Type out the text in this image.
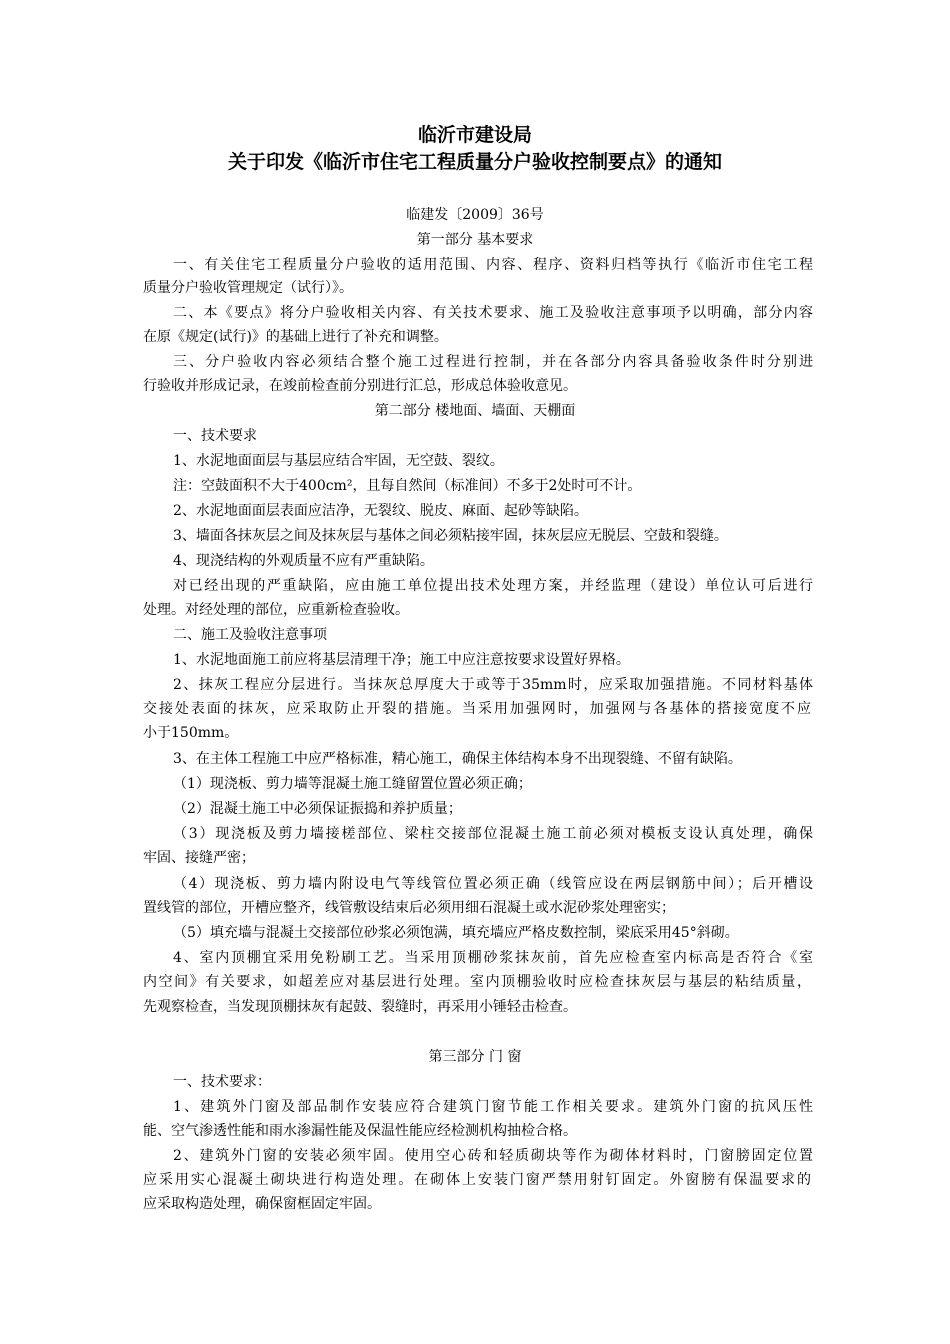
临沂市建设局
关于印发《临沂市住宅工程质量分户验收控制要点》的通知
临建发〔2009〕36号
第一部分 基本要求
一、有关住宅工程质量分户验收的适用范围、内容、程序、资料归档等执行《临沂市住宅工程
质量分户验收管理规定（试行）》。
二、本《要点》将分户验收相关内容、有关技术要求、施工及验收注意事项予以明确，部分内容
在原《规定(试行)》的基础上进行了补充和调整。
三、分户验收内容必须结合整个施工过程进行控制，并在各部分内容具备验收条件时分别进
行验收并形成记录，在竣前检查前分别进行汇总，形成总体验收意见。
第二部分 楼地面、墙面、天棚面
一、技术要求
1、水泥地面面层与基层应结合牢固，无空鼓、裂纹。
注：空鼓面积不大于400cm²，且每自然间（标准间）不多于2处时可不计。
2、水泥地面面层表面应洁净，无裂纹、脱皮、麻面、起砂等缺陷。
3、墙面各抹灰层之间及抹灰层与基体之间必须粘接牢固，抹灰层应无脱层、空鼓和裂缝。
4、现浇结构的外观质量不应有严重缺陷。
对已经出现的严重缺陷，应由施工单位提出技术处理方案，并经监理（建设）单位认可后进行
处理。对经处理的部位，应重新检查验收。
二、施工及验收注意事项
1、水泥地面施工前应将基层清理干净；施工中应注意按要求设置好界格。
2、抹灰工程应分层进行。当抹灰总厚度大于或等于35mm时，应采取加强措施。不同材料基体
交接处表面的抹灰，应采取防止开裂的措施。当采用加强网时，加强网与各基体的搭接宽度不应
小于150mm。
3、在主体工程施工中应严格标准，精心施工，确保主体结构本身不出现裂缝、不留有缺陷。
（1）现浇板、剪力墙等混凝土施工缝留置位置必须正确；
（2）混凝土施工中必须保证振捣和养护质量；
（3）现浇板及剪力墙接槎部位、梁柱交接部位混凝土施工前必须对模板支设认真处理，确保
牢固、接缝严密；
（4）现浇板、剪力墙内附设电气等线管位置必须正确（线管应设在两层钢筋中间）；后开槽设
置线管的部位，开槽应整齐，线管敷设结束后必须用细石混凝土或水泥砂浆处理密实；
（5）填充墙与混凝土交接部位砂浆必须饱满，填充墙应严格皮数控制，梁底采用45°斜砌。
4、室内顶棚宜采用免粉刷工艺。当采用顶棚砂浆抹灰前，首先应检查室内标高是否符合《室
内空间》有关要求，如超差应对基层进行处理。室内顶棚验收时应检查抹灰层与基层的粘结质量，
先观察检查，当发现顶棚抹灰有起鼓、裂缝时，再采用小锤轻击检查。
第三部分 门 窗
一、技术要求：
1、建筑外门窗及部品制作安装应符合建筑门窗节能工作相关要求。建筑外门窗的抗风压性
能、空气渗透性能和雨水渗漏性能及保温性能应经检测机构抽检合格。
2、建筑外门窗的安装必须牢固。使用空心砖和轻质砌块等作为砌体材料时，门窗膀固定位置
应采用实心混凝土砌块进行构造处理。在砌体上安装门窗严禁用射钉固定。外窗膀有保温要求的
应采取构造处理，确保窗框固定牢固。
